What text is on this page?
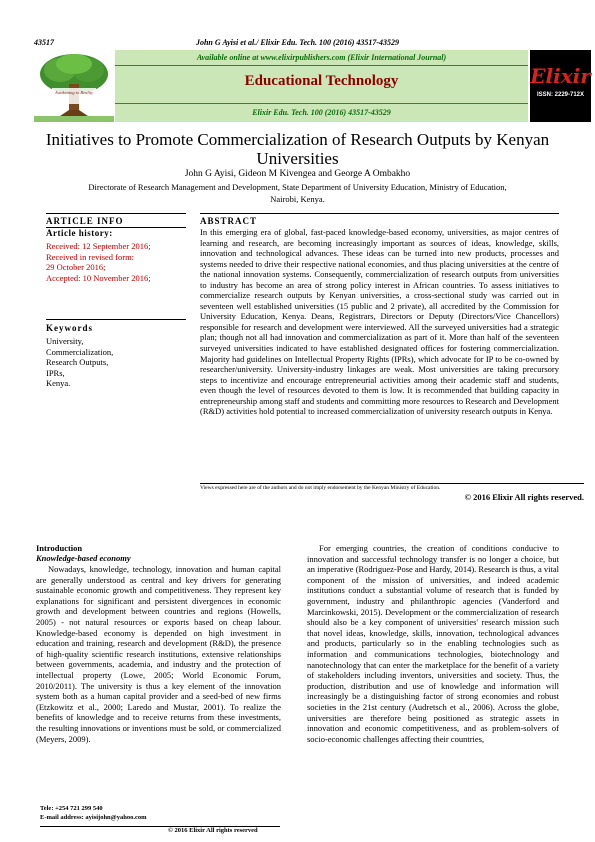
43517	John G Ayisi et al./ Elixir Edu. Tech. 100 (2016) 43517-43529
Awakening to Reality
Available online at www.elixirpublishers.com (Elixir International Journal)
Educational Technology
Elixir Edu. Tech. 100 (2016) 43517-43529
Elixir
ISSN: 2229-712X
Initiatives to Promote Commercialization of Research Outputs by Kenyan
Universities
John G Ayisi, Gideon M Kivengea and George A Ombakho
Directorate of Research Management and Development, State Department of University Education, Ministry of Education,
Nairobi, Kenya.
ARTICLE INFO
Article history:
Received: 12 September 2016;
Received in revised form:
29 October 2016;
Accepted: 10 November 2016;
Keywords
University,
Commercialization,
Research Outputs,
IPRs,
Kenya.
ABSTRACT
In this emerging era of global, fast-paced knowledge-based economy, universities, as major centres of learning and research, are becoming increasingly important as sources of ideas, knowledge, skills, innovation and technological advances. These ideas can be turned into new products, processes and systems needed to drive their respective national economies, and thus placing universities at the centre of the national innovation systems. Consequently, commercialization of research outputs from universities to industry has become an area of strong policy interest in African countries. To assess initiatives to commercialize research outputs by Kenyan universities, a cross-sectional study was carried out in seventeen well established universities (15 public and 2 private), all accredited by the Commission for University Education, Kenya. Deans, Registrars, Directors or Deputy (Directors/Vice Chancellors) responsible for research and development were interviewed. All the surveyed universities had a strategic plan; though not all had innovation and commercialization as part of it. More than half of the seventeen surveyed universities indicated to have established designated offices for fostering commercialization. Majority had guidelines on Intellectual Property Rights (IPRs), which advocate for IP to be co-owned by researcher/university. University-industry linkages are weak. Most universities are taking precursory steps to incentivize and encourage entrepreneurial activities among their academic staff and students, even though the level of resources devoted to them is low. It is recommended that building capacity in entrepreneurship among staff and students and committing more resources to Research and Development (R&D) activities hold potential to increased commercialization of university research outputs in Kenya.
Views expressed here are of the authors and do not imply endorsement by the Kenyan Ministry of Education.
© 2016 Elixir All rights reserved.
Introduction
Knowledge-based economy

Nowadays, knowledge, technology, innovation and human capital are generally understood as central and key drivers for generating sustainable economic growth and competitiveness. They represent key explanations for significant and persistent divergences in economic growth and development between countries and regions (Howells, 2005) - not natural resources or exports based on cheap labour. Knowledge-based economy is depended on high investment in education and training, research and development (R&D), the presence of high-quality scientific research institutions, extensive relationships between governments, academia, and industry and the protection of intellectual property (Lowe, 2005; World Economic Forum, 2010/2011). The university is thus a key element of the innovation system both as a human capital provider and a seed-bed of new firms (Etzkowitz et al., 2000; Laredo and Mustar, 2001). To realize the benefits of knowledge and to receive returns from these investments, the resulting innovations or inventions must be sold, or commercialized (Meyers, 2009).

For emerging countries, the creation of conditions conducive to innovation and successful technology transfer is no longer a choice, but an imperative (Rodriguez-Pose and Hardy, 2014). Research is thus, a vital component of the mission of universities, and indeed academic institutions conduct a substantial volume of research that is funded by government, industry and philanthropic agencies (Vanderford and Marcinkowski, 2015). Development or the commercialization of research should also be a key component of universities' research mission such that novel ideas, knowledge, skills, innovation, technological advances and products, particularly so in the enabling technologies such as information and communications technologies, biotechnology and nanotechnology that can enter the marketplace for the benefit of a variety of stakeholders including inventors, universities and society. Thus, the production, distribution and use of knowledge and information will increasingly be a distinguishing factor of strong economies and robust societies in the 21st century (Audretsch et al., 2006). Across the globe, universities are therefore being positioned as strategic assets in innovation and economic competitiveness, and as problem-solvers of socio-economic challenges affecting their countries,

Tele: +254 721 299 540
E-mail address: ayisijohn@yahoo.com
© 2016 Elixir All rights reserved
